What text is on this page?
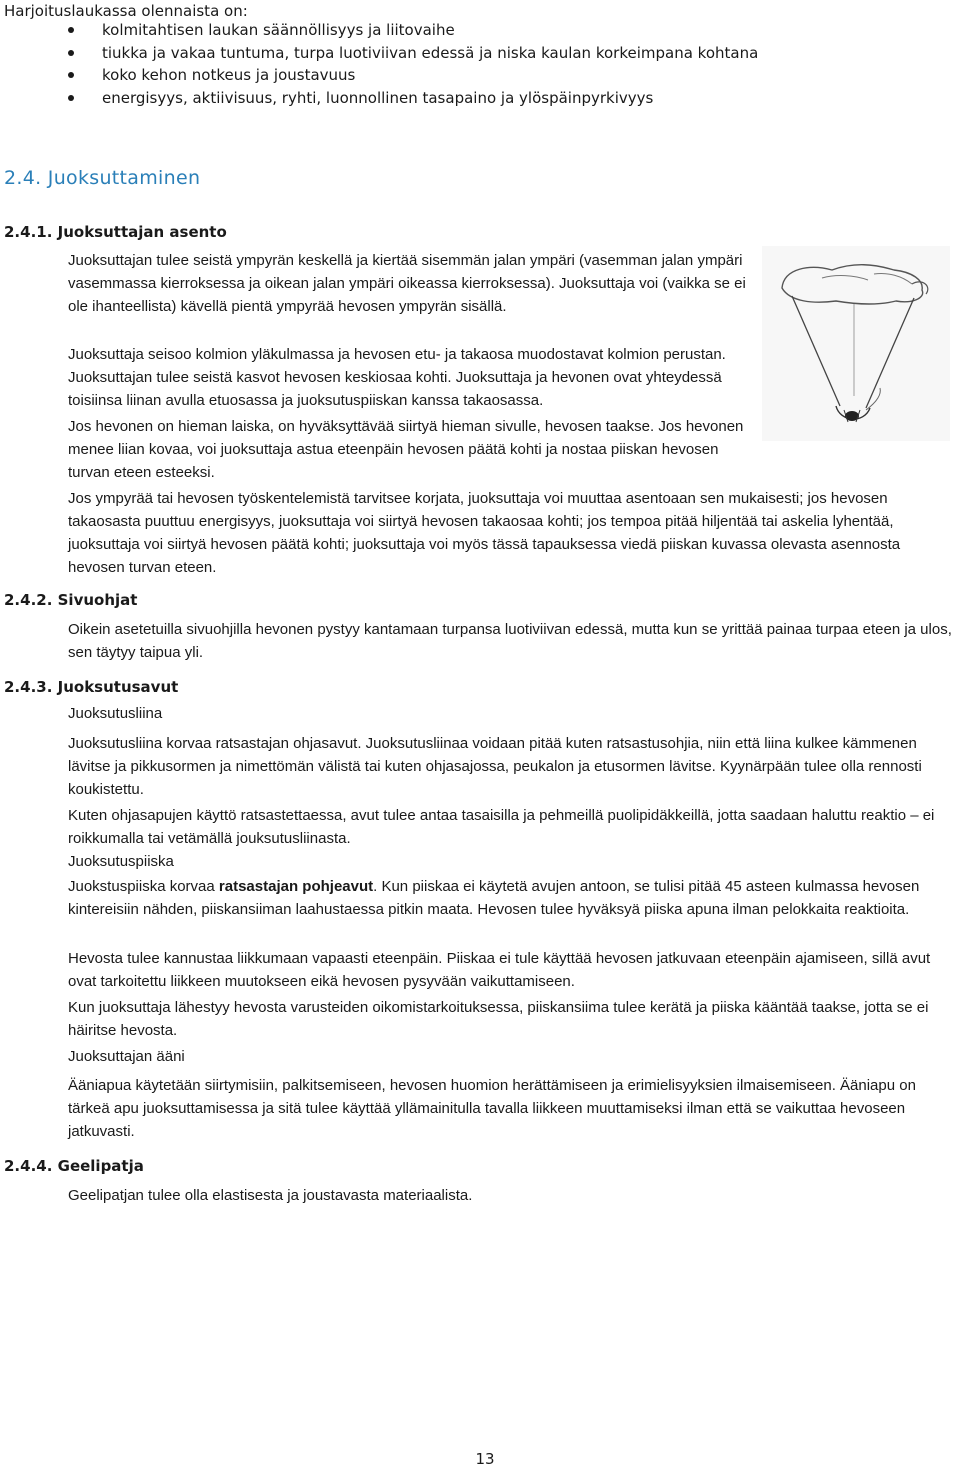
Harjoituslaukassa olennaista on:
kolmitahtisen laukan säännöllisyys ja liitovaihe
tiukka ja vakaa tuntuma, turpa luotiviivan edessä ja niska kaulan korkeimpana kohtana
koko kehon notkeus ja joustavuus
energisyys, aktiivisuus, ryhti, luonnollinen tasapaino ja ylöspäinpyrkivyys
2.4. Juoksuttaminen
2.4.1. Juoksuttajan asento

Juoksuttajan tulee seistä ympyrän keskellä ja kiertää sisemmän jalan ympäri (vasemman jalan ympäri vasemmassa kierroksessa ja oikean jalan ympäri oikeassa kierroksessa). Juoksuttaja voi (vaikka se ei ole ihanteellista) kävellä pientä ympyrää hevosen ympyrän sisällä.

Juoksuttaja seisoo kolmion yläkulmassa ja hevosen etu- ja takaosa muodostavat kolmion perustan. Juoksuttajan tulee seistä kasvot hevosen keskiosaa kohti. Juoksuttaja ja hevonen ovat yhteydessä toisiinsa liinan avulla etuosassa ja juoksutuspiiskan kanssa takaosassa.

Jos hevonen on hieman laiska, on hyväksyttävää siirtyä hieman sivulle, hevosen taakse. Jos hevonen menee liian kovaa, voi juoksuttaja astua eteenpäin hevosen päätä kohti ja nostaa piiskan hevosen turvan eteen esteeksi.

Jos ympyrää tai hevosen työskentelemistä tarvitsee korjata, juoksuttaja voi muuttaa asentoaan sen mukaisesti; jos hevosen takaosasta puuttuu energisyys, juoksuttaja voi siirtyä hevosen takaosaa kohti; jos tempoa pitää hiljentää tai askelia lyhentää, juoksuttaja voi siirtyä hevosen päätä kohti; juoksuttaja voi myös tässä tapauksessa viedä piiskan kuvassa olevasta asennosta hevosen turvan eteen.

2.4.2. Sivuohjat

Oikein asetetuilla sivuohjilla hevonen pystyy kantamaan turpansa luotiviivan edessä, mutta kun se yrittää painaa turpaa eteen ja ulos, sen täytyy taipua yli.

2.4.3. Juoksutusavut
Juoksutusliina

Juoksutusliina korvaa ratsastajan ohjasavut. Juoksutusliinaa voidaan pitää kuten ratsastusohjia, niin että liina kulkee kämmenen lävitse ja pikkusormen ja nimettömän välistä tai kuten ohjasajossa, peukalon ja etusormen lävitse. Kyynärpään tulee olla rennosti koukistettu.

Kuten ohjasapujen käyttö ratsastettaessa, avut tulee antaa tasaisilla ja pehmeillä puolipidäkkeillä, jotta saadaan haluttu reaktio – ei roikkumalla tai vetämällä jouksutusliinasta.

Juoksutuspiiska

Juokstuspiiska korvaa ratsastajan pohjeavut. Kun piiskaa ei käytetä avujen antoon, se tulisi pitää 45 asteen kulmassa hevosen kintereisiin nähden, piiskansiiman laahustaessa pitkin maata. Hevosen tulee hyväksyä piiska apuna ilman pelokkaita reaktioita.

Hevosta tulee kannustaa liikkumaan vapaasti eteenpäin. Piiskaa ei tule käyttää hevosen jatkuvaan eteenpäin ajamiseen, sillä avut ovat tarkoitettu liikkeen muutokseen eikä hevosen pysyvään vaikuttamiseen.

Kun juoksuttaja lähestyy hevosta varusteiden oikomistarkoituksessa, piiskansiima tulee kerätä ja piiska kääntää taakse, jotta se ei häiritse hevosta.

Juoksuttajan ääni

Ääniapua käytetään siirtymisiin, palkitsemiseen, hevosen huomion herättämiseen ja erimielisyyksien ilmaisemiseen. Ääniapu on tärkeä apu juoksuttamisessa ja sitä tulee käyttää yllämainitulla tavalla liikkeen muuttamiseksi ilman että se vaikuttaa hevoseen jatkuvasti.

2.4.4. Geelipatja

Geelipatjan tulee olla elastisesta ja joustavasta materiaalista.

13
